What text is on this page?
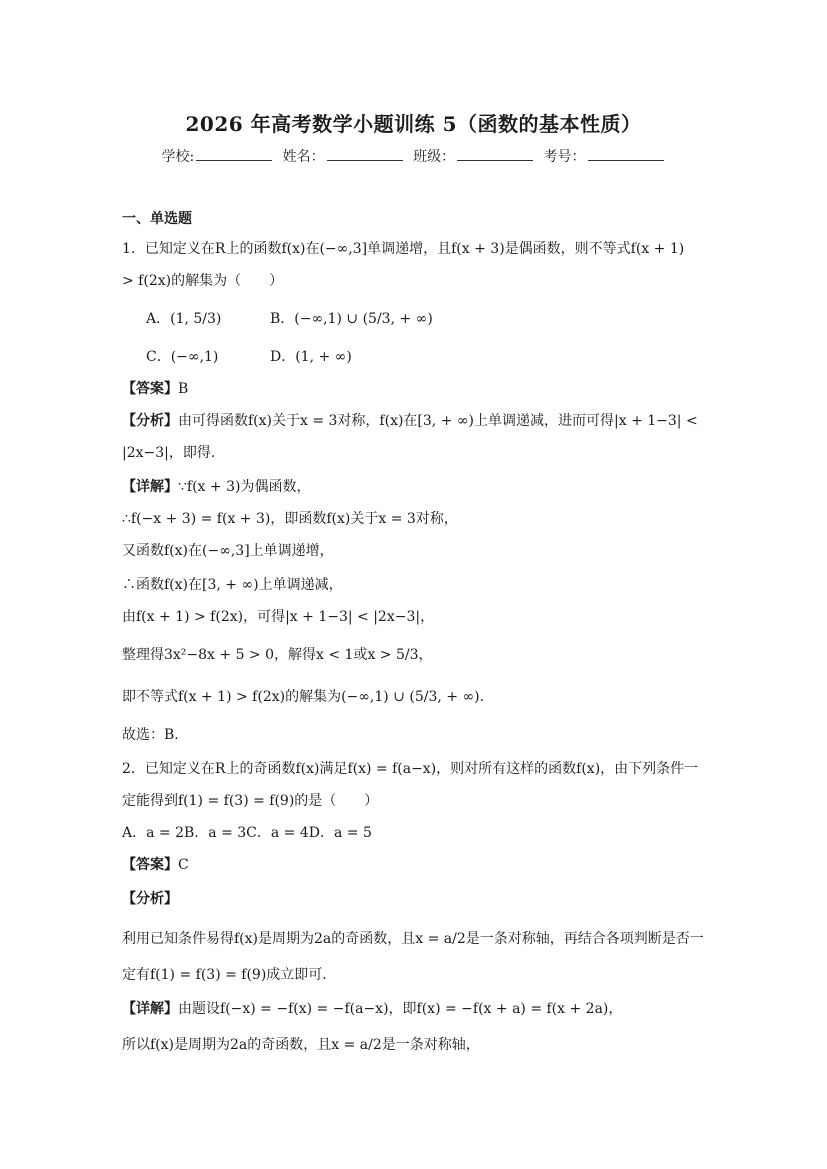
2026 年高考数学小题训练 5（函数的基本性质）
学校:	姓名：	班级：	考号：
一、单选题
1．已知定义在R上的函数f(x)在(−∞,3]单调递增，且f(x + 3)是偶函数，则不等式f(x + 1)
> f(2x)的解集为（　　）
A．(1, 5/3)	B．(−∞,1) ∪ (5/3, + ∞)
C．(−∞,1)	D．(1, + ∞)
【答案】B
【分析】由可得函数f(x)关于x = 3对称，f(x)在[3, + ∞)上单调递减，进而可得|x + 1−3| <
|2x−3|，即得.
【详解】∵f(x + 3)为偶函数，
∴f(−x + 3) = f(x + 3)，即函数f(x)关于x = 3对称，
又函数f(x)在(−∞,3]上单调递增，
∴函数f(x)在[3, + ∞)上单调递减，
由f(x + 1) > f(2x)，可得|x + 1−3| < |2x−3|，
整理得3x²−8x + 5 > 0，解得x < 1或x > 5/3，
即不等式f(x + 1) > f(2x)的解集为(−∞,1) ∪ (5/3, + ∞).
故选：B.
2．已知定义在R上的奇函数f(x)满足f(x) = f(a−x)，则对所有这样的函数f(x)，由下列条件一
定能得到f(1) = f(3) = f(9)的是（　　）
A．a = 2B．a = 3C．a = 4D．a = 5
【答案】C
【分析】
利用已知条件易得f(x)是周期为2a的奇函数，且x = a/2是一条对称轴，再结合各项判断是否一
定有f(1) = f(3) = f(9)成立即可.
【详解】由题设f(−x) = −f(x) = −f(a−x)，即f(x) = −f(x + a) = f(x + 2a)，
所以f(x)是周期为2a的奇函数，且x = a/2是一条对称轴，
